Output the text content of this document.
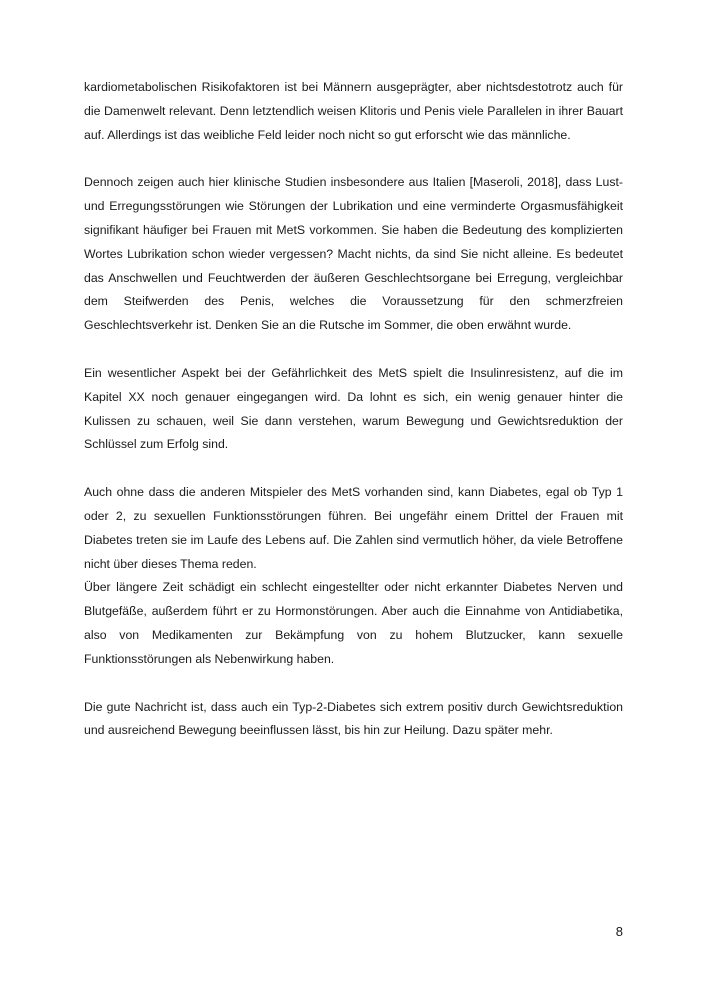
kardiometabolischen Risikofaktoren ist bei Männern ausgeprägter, aber nichtsdestotrotz auch für die Damenwelt relevant. Denn letztendlich weisen Klitoris und Penis viele Parallelen in ihrer Bauart auf. Allerdings ist das weibliche Feld leider noch nicht so gut erforscht wie das männliche.

Dennoch zeigen auch hier klinische Studien insbesondere aus Italien [Maseroli, 2018], dass Lust- und Erregungsstörungen wie Störungen der Lubrikation und eine verminderte Orgasmusfähigkeit signifikant häufiger bei Frauen mit MetS vorkommen. Sie haben die Bedeutung des komplizierten Wortes Lubrikation schon wieder vergessen? Macht nichts, da sind Sie nicht alleine. Es bedeutet das Anschwellen und Feuchtwerden der äußeren Geschlechtsorgane bei Erregung, vergleichbar dem Steifwerden des Penis, welches die Voraussetzung für den schmerzfreien Geschlechtsverkehr ist. Denken Sie an die Rutsche im Sommer, die oben erwähnt wurde.

Ein wesentlicher Aspekt bei der Gefährlichkeit des MetS spielt die Insulinresistenz, auf die im Kapitel XX noch genauer eingegangen wird. Da lohnt es sich, ein wenig genauer hinter die Kulissen zu schauen, weil Sie dann verstehen, warum Bewegung und Gewichtsreduktion der Schlüssel zum Erfolg sind.

Auch ohne dass die anderen Mitspieler des MetS vorhanden sind, kann Diabetes, egal ob Typ 1 oder 2, zu sexuellen Funktionsstörungen führen. Bei ungefähr einem Drittel der Frauen mit Diabetes treten sie im Laufe des Lebens auf. Die Zahlen sind vermutlich höher, da viele Betroffene nicht über dieses Thema reden.

Über längere Zeit schädigt ein schlecht eingestellter oder nicht erkannter Diabetes Nerven und Blutgefäße, außerdem führt er zu Hormonstörungen. Aber auch die Einnahme von Antidiabetika, also von Medikamenten zur Bekämpfung von zu hohem Blutzucker, kann sexuelle Funktionsstörungen als Nebenwirkung haben.

Die gute Nachricht ist, dass auch ein Typ-2-Diabetes sich extrem positiv durch Gewichtsreduktion und ausreichend Bewegung beeinflussen lässt, bis hin zur Heilung. Dazu später mehr.

8
